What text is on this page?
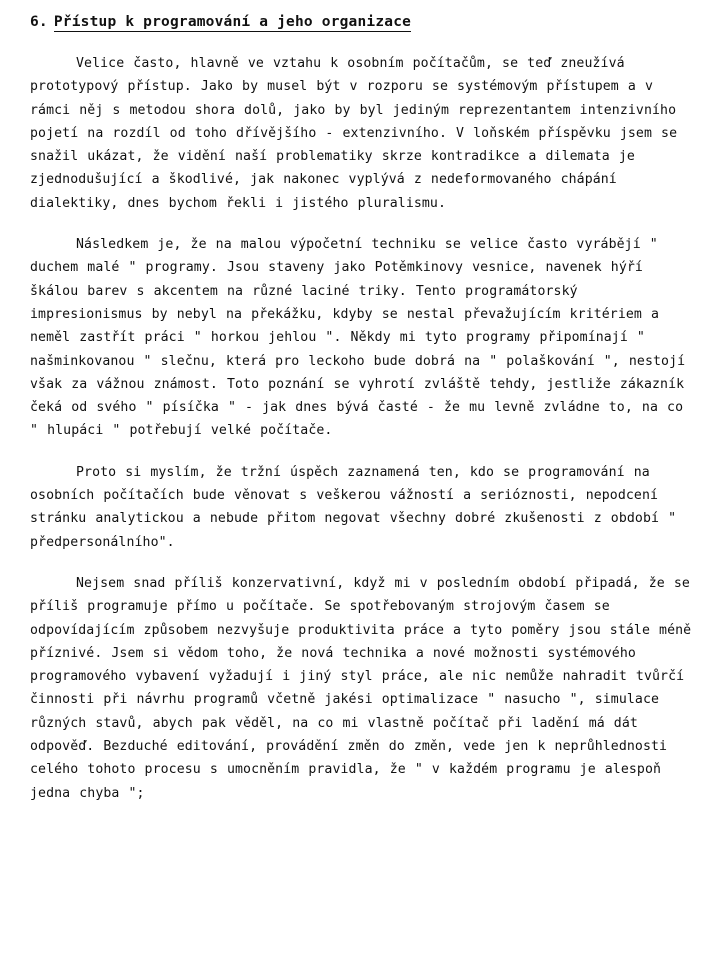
6. Přístup k programování a jeho organizace

Velice často, hlavně ve vztahu k osobním počítačům, se teď zneužívá prototypový přístup. Jako by musel být v rozporu se systémovým přístupem a v rámci něj s metodou shora dolů, jako by byl jediným reprezentantem intenzivního pojetí na rozdíl od toho dřívějšího - extenzivního. V loňském příspěvku jsem se snažil ukázat, že vidění naší problematiky skrze kontradikce a dilemata je zjednodušující a škodlivé, jak nakonec vyplývá z nedeformovaného chápání dialektiky, dnes bychom řekli i jistého pluralismu.

Následkem je, že na malou výpočetní techniku se velice často vyrábějí " duchem malé " programy. Jsou staveny jako Potěmkinovy vesnice, navenek hýří škálou barev s akcentem na různé laciné triky. Tento programátorský impresionismus by nebyl na překážku, kdyby se nestal převažujícím kritériem a neměl zastřít práci " horkou jehlou ". Někdy mi tyto programy připomínají " našminkovanou " slečnu, která pro leckoho bude dobrá na " polaškování ", nestojí však za vážnou známost. Toto poznání se vyhrotí zvláště tehdy, jestliže zákazník čeká od svého " písíčka " - jak dnes bývá časté - že mu levně zvládne to, na co " hlupáci " potřebují velké počítače.

Proto si myslím, že tržní úspěch zaznamená ten, kdo se programování na osobních počítačích bude věnovat s veškerou vážností a serióznosti, nepodcení stránku analytickou a nebude přitom negovat všechny dobré zkušenosti z období " předpersonálního".

Nejsem snad příliš konzervativní, když mi v posledním období připadá, že se příliš programuje přímo u počítače. Se spotřebovaným strojovým časem se odpovídajícím způsobem nezvyšuje produktivita práce a tyto poměry jsou stále méně příznivé. Jsem si vědom toho, že nová technika a nové možnosti systémového programového vybavení vyžadují i jiný styl práce, ale nic nemůže nahradit tvůrčí činnosti při návrhu programů včetně jakési optimalizace " nasucho ", simulace různých stavů, abych pak věděl, na co mi vlastně počítač při ladění má dát odpověď. Bezduché editování, provádění změn do změn, vede jen k neprůhlednosti celého tohoto procesu s umocněním pravidla, že " v každém programu je alespoň jedna chyba ";
